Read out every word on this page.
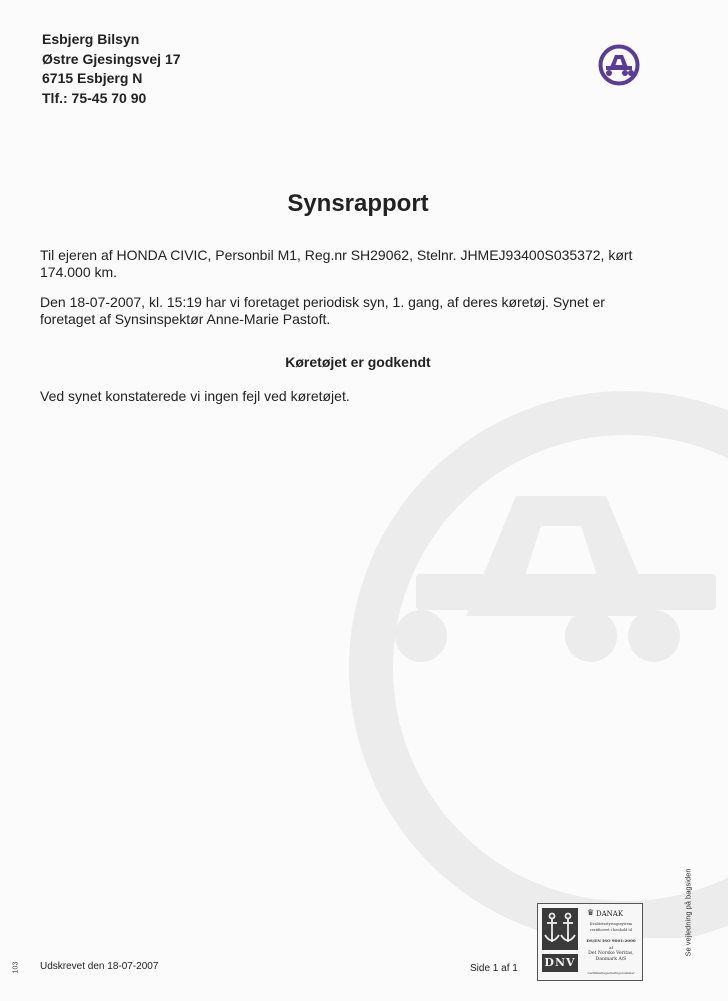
Esbjerg Bilsyn
Østre Gjesingsvej 17
6715 Esbjerg N
Tlf.: 75-45 70 90
Synsrapport
Til ejeren af HONDA CIVIC, Personbil M1, Reg.nr SH29062, Stelnr. JHMEJ93400S035372, kørt 174.000 km.
Den 18-07-2007, kl. 15:19 har vi foretaget periodisk syn, 1. gang, af deres køretøj. Synet er foretaget af Synsinspektør Anne-Marie Pastoft.
Køretøjet er godkendt
Ved synet konstaterede vi ingen fejl ved køretøjet.
Se vejledning på bagsiden
103 Udskrevet den 18-07-2007	Side 1 af 1 DNV
♛ DANAK
Kvalitetsstyringssystem certificeret i henhold til
DS/EN ISO 9001:2000
af
Det Norske Veritas, Danmark A/S
Certifikatregistreringsnummer
